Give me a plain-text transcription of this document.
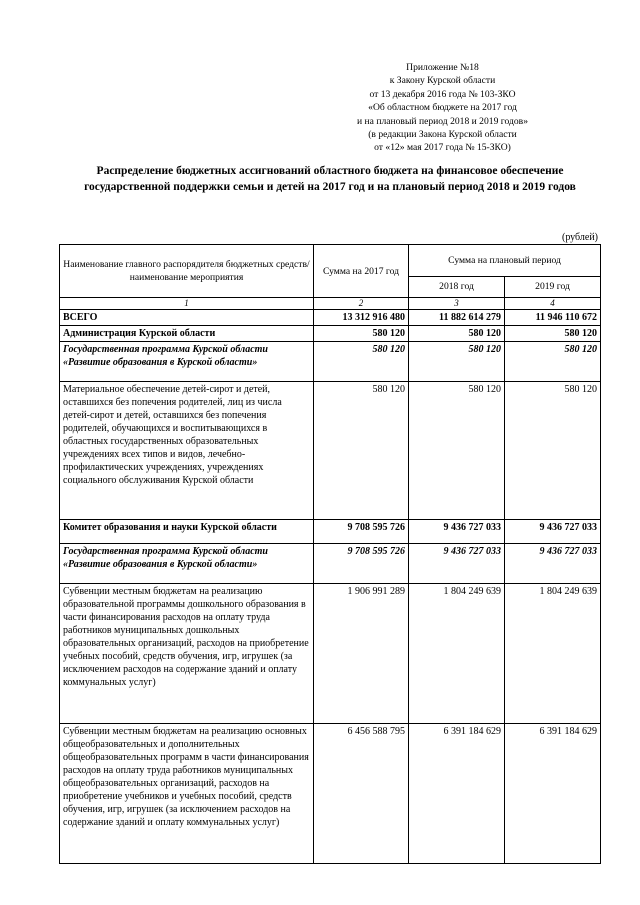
Приложение №18
к Закону Курской области
от 13 декабря 2016 года № 103-ЗКО
«Об областном бюджете на 2017 год
и на плановый период 2018 и 2019 годов»
(в редакции Закона Курской области
от «12» мая 2017 года № 15-ЗКО)
Распределение бюджетных ассигнований областного бюджета на финансовое обеспечение
государственной поддержки семьи и детей на 2017 год и на плановый период 2018 и 2019 годов
(рублей)
Наименование главного распорядителя бюджетных средств/наименование мероприятия	Сумма на 2017 год	Сумма на плановый период	
		2018 год	2019 год
1	2	3	4
ВСЕГО	13 312 916 480	11 882 614 279	11 946 110 672
Администрация Курской области	580 120	580 120	580 120
Государственная программа Курской области «Развитие образования в Курской области»	580 120	580 120	580 120
Материальное обеспечение детей-сирот и детей, оставшихся без попечения родителей, лиц из числа детей-сирот и детей, оставшихся без попечения родителей, обучающихся и воспитывающихся в областных государственных образовательных учреждениях всех типов и видов, лечебно-профилактических учреждениях, учреждениях социального обслуживания Курской области	580 120	580 120	580 120
Комитет образования и науки Курской области	9 708 595 726	9 436 727 033	9 436 727 033
Государственная программа Курской области «Развитие образования в Курской области»	9 708 595 726	9 436 727 033	9 436 727 033
Субвенции местным бюджетам на реализацию образовательной программы дошкольного образования в части финансирования расходов на оплату труда работников муниципальных дошкольных образовательных организаций, расходов на приобретение учебных пособий, средств обучения, игр, игрушек (за исключением расходов на содержание зданий и оплату коммунальных услуг)	1 906 991 289	1 804 249 639	1 804 249 639
Субвенции местным бюджетам на реализацию основных общеобразовательных и дополнительных общеобразовательных программ в части финансирования расходов на оплату труда работников муниципальных общеобразовательных организаций, расходов на приобретение учебников и учебных пособий, средств обучения, игр, игрушек (за исключением расходов на содержание зданий и оплату коммунальных услуг)	6 456 588 795	6 391 184 629	6 391 184 629
